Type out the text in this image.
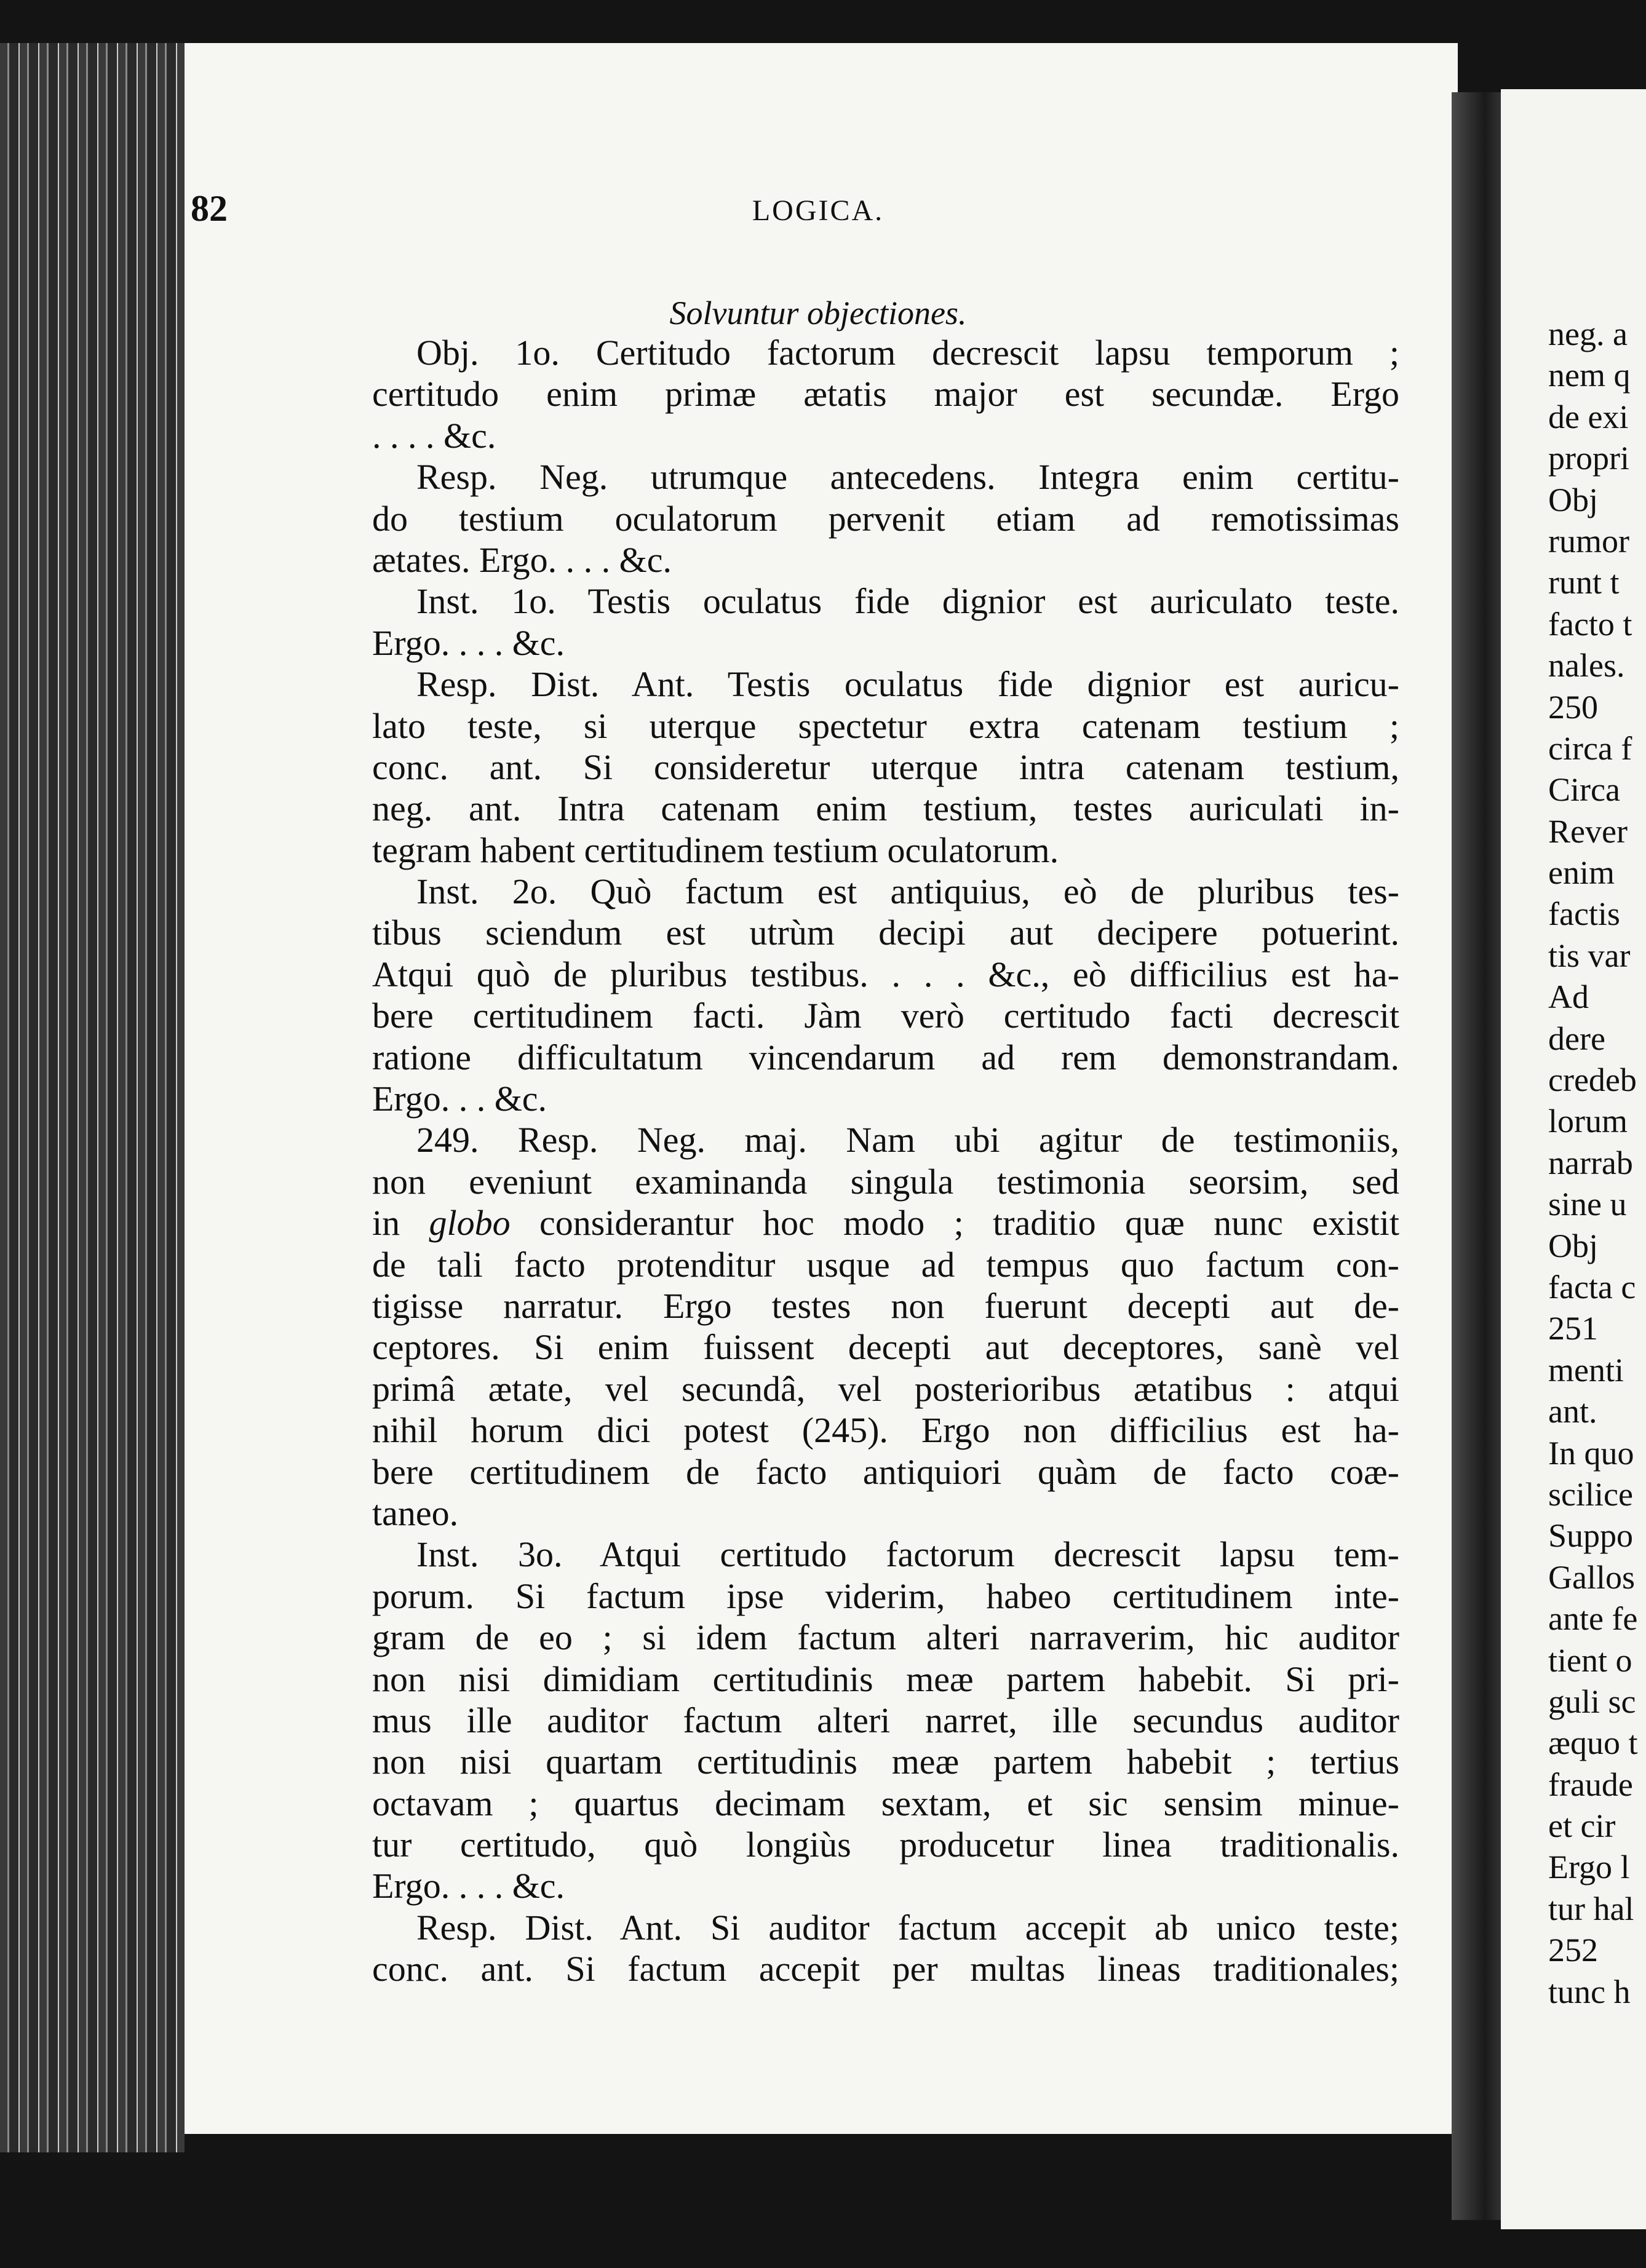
82	LOGICA.
Solvuntur objectiones.
Obj. 1o. Certitudo factorum decrescit lapsu temporum ;
certitudo enim primæ ætatis major est secundæ. Ergo
. . . . &c.
Resp. Neg. utrumque antecedens. Integra enim certitu-
do testium oculatorum pervenit etiam ad remotissimas
ætates. Ergo. . . . &c.
Inst. 1o. Testis oculatus fide dignior est auriculato teste.
Ergo. . . . &c.
Resp. Dist. Ant. Testis oculatus fide dignior est auricu-
lato teste, si uterque spectetur extra catenam testium ;
conc. ant. Si consideretur uterque intra catenam testium,
neg. ant. Intra catenam enim testium, testes auriculati in-
tegram habent certitudinem testium oculatorum.
Inst. 2o. Quò factum est antiquius, eò de pluribus tes-
tibus sciendum est utrùm decipi aut decipere potuerint.
Atqui quò de pluribus testibus. . . . &c., eò difficilius est ha-
bere certitudinem facti. Jàm verò certitudo facti decrescit
ratione difficultatum vincendarum ad rem demonstrandam.
Ergo. . . &c.
249. Resp. Neg. maj. Nam ubi agitur de testimoniis,
non eveniunt examinanda singula testimonia seorsim, sed
in globo considerantur hoc modo ; traditio quæ nunc existit
de tali facto protenditur usque ad tempus quo factum con-
tigisse narratur. Ergo testes non fuerunt decepti aut de-
ceptores. Si enim fuissent decepti aut deceptores, sanè vel
primâ ætate, vel secundâ, vel posterioribus ætatibus : atqui
nihil horum dici potest (245). Ergo non difficilius est ha-
bere certitudinem de facto antiquiori quàm de facto coæ-
taneo.
Inst. 3o. Atqui certitudo factorum decrescit lapsu tem-
porum. Si factum ipse viderim, habeo certitudinem inte-
gram de eo ; si idem factum alteri narraverim, hic auditor
non nisi dimidiam certitudinis meæ partem habebit. Si pri-
mus ille auditor factum alteri narret, ille secundus auditor
non nisi quartam certitudinis meæ partem habebit ; tertius
octavam ; quartus decimam sextam, et sic sensim minue-
tur certitudo, quò longiùs producetur linea traditionalis.
Ergo. . . . &c.
Resp. Dist. Ant. Si auditor factum accepit ab unico teste;
conc. ant. Si factum accepit per multas lineas traditionales;
neg. a
nem q
de exi
propri
Obj
rumor
runt t
facto t
nales.
250
circa f
Circa
Rever
enim
factis
tis var
Ad
dere
credeb
lorum
narrab
sine u
Obj
facta c
251
menti
ant.
In quo
scilice
Suppo
Gallos
ante fe
tient o
guli sc
æquo t
fraude
et cir
Ergo l
tur hal
252
tunc h
